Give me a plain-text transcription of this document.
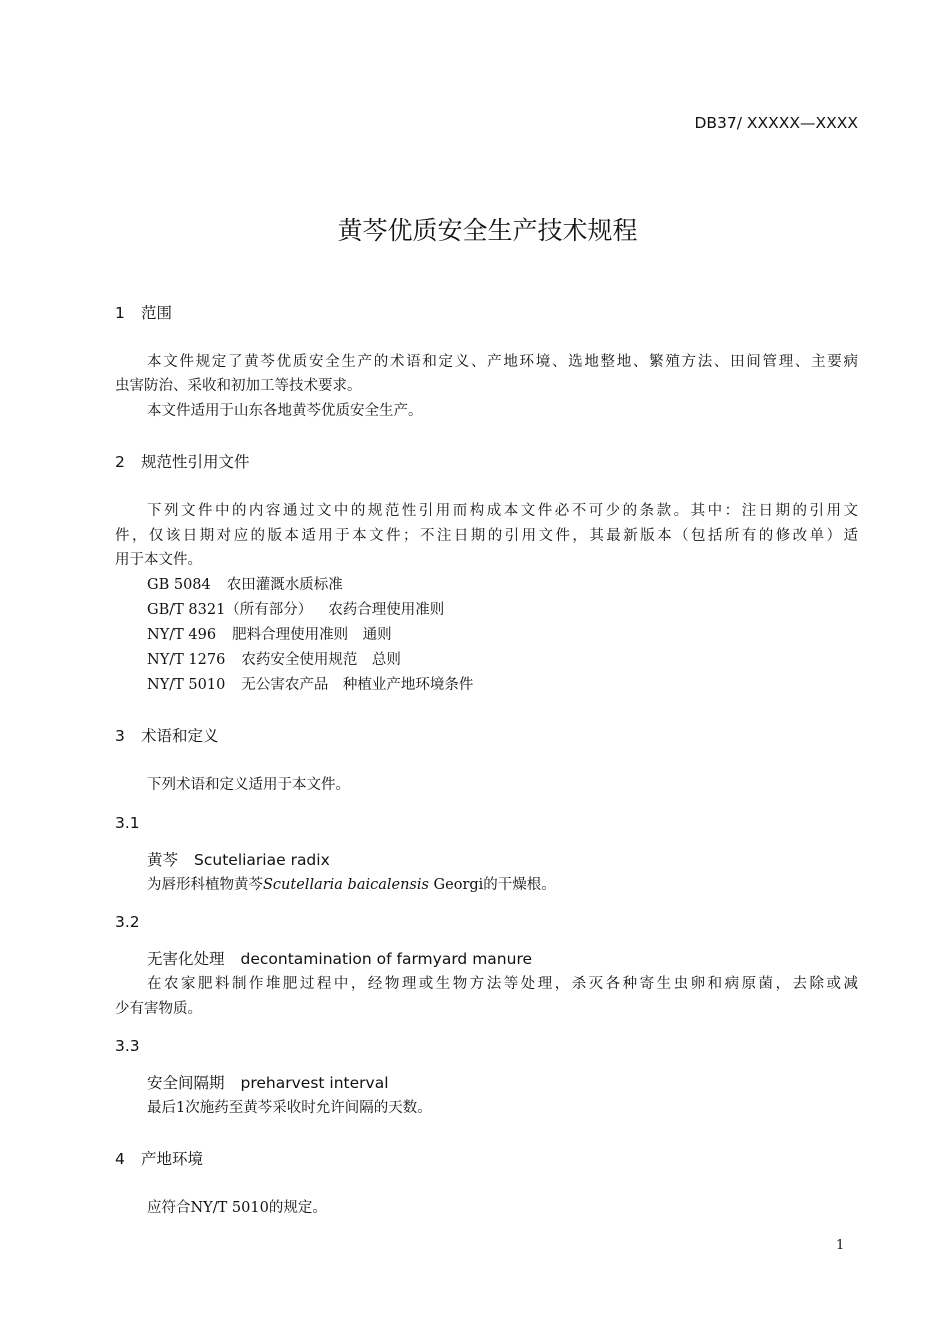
DB37/ XXXXX—XXXX
黄芩优质安全生产技术规程
1 范围
本文件规定了黄芩优质安全生产的术语和定义、产地环境、选地整地、繁殖方法、田间管理、主要病
虫害防治、采收和初加工等技术要求。
本文件适用于山东各地黄芩优质安全生产。
2 规范性引用文件
下列文件中的内容通过文中的规范性引用而构成本文件必不可少的条款。其中：注日期的引用文
件，仅该日期对应的版本适用于本文件；不注日期的引用文件，其最新版本（包括所有的修改单）适
用于本文件。
GB 5084 农田灌溉水质标准
GB/T 8321（所有部分） 农药合理使用准则
NY/T 496 肥料合理使用准则　通则
NY/T 1276 农药安全使用规范　总则
NY/T 5010 无公害农产品　种植业产地环境条件
3 术语和定义
下列术语和定义适用于本文件。
3.1
黄芩 Scuteliariae radix
为唇形科植物黄芩Scutellaria baicalensis Georgi的干燥根。
3.2
无害化处理 decontamination of farmyard manure
在农家肥料制作堆肥过程中，经物理或生物方法等处理，杀灭各种寄生虫卵和病原菌，去除或减
少有害物质。
3.3
安全间隔期 preharvest interval
最后1次施药至黄芩采收时允许间隔的天数。
4 产地环境
应符合NY/T 5010的规定。
1
